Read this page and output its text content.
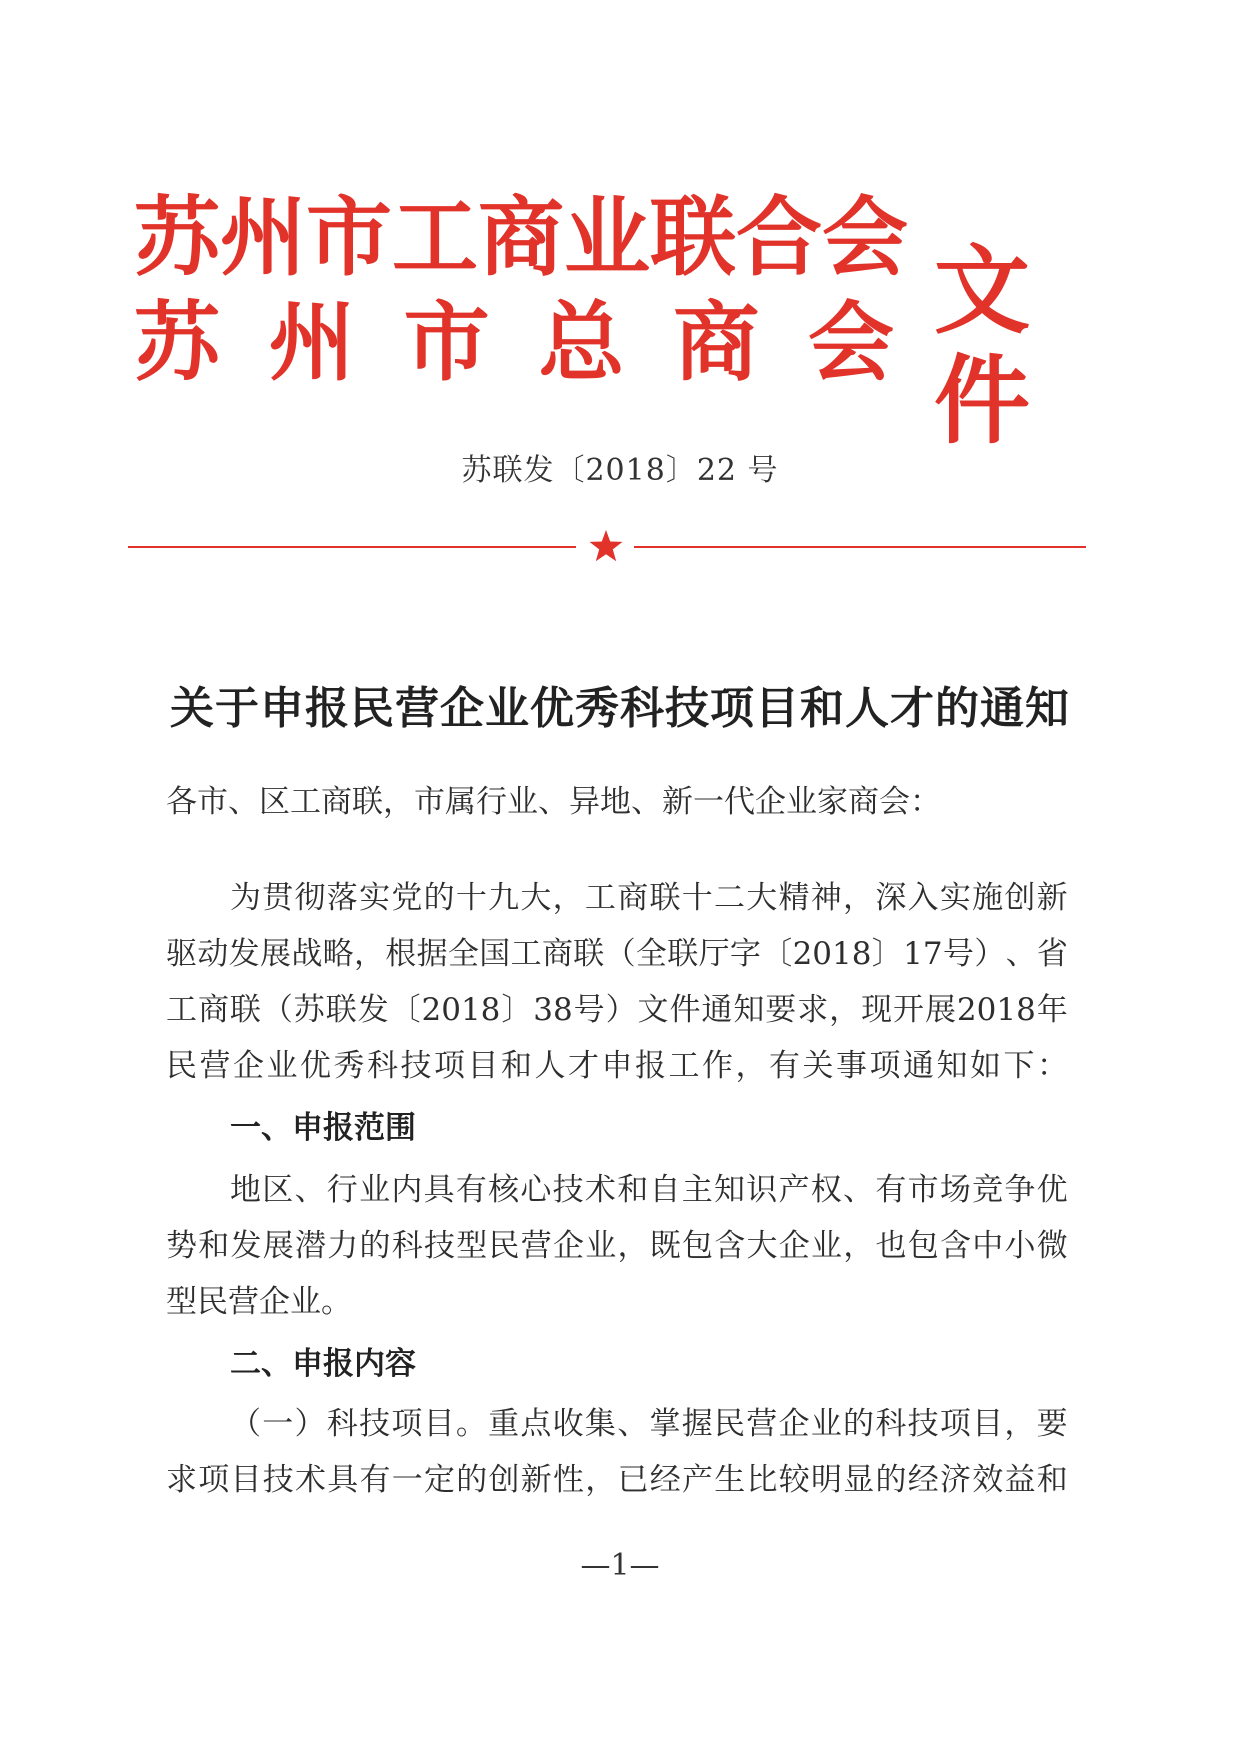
苏 州 市 工 商 业 联 合 会
苏 州 市 总 商 会 文件
苏联发〔2018〕22 号
关于申报民营企业优秀科技项目和人才的通知
各市、区工商联，市属行业、异地、新一代企业家商会：
为 贯 彻 落 实 党 的 十 九 大 ， 工 商 联 十 二 大 精 神 ， 深 入 实 施 创 新
驱 动 发 展 战 略 ， 根 据 全 国 工 商 联 （ 全 联 厅 字 〔 2018 〕 17 号 ） 、 省
工 商 联 （ 苏 联 发 〔 2018 〕 38 号 ） 文 件 通 知 要 求 ， 现 开 展 2018 年
民 营 企 业 优 秀 科 技 项 目 和 人 才 申 报 工 作 ， 有 关 事 项 通 知 如 下 ：
一、申报范围
地 区 、 行 业 内 具 有 核 心 技 术 和 自 主 知 识 产 权 、 有 市 场 竞 争 优
势 和 发 展 潜 力 的 科 技 型 民 营 企 业 ， 既 包 含 大 企 业 ， 也 包 含 中 小 微
型民营企业。
二、申报内容
（ 一 ） 科 技 项 目 。 重 点 收 集 、 掌 握 民 营 企 业 的 科 技 项 目 ， 要
求 项 目 技 术 具 有 一 定 的 创 新 性 ， 已 经 产 生 比 较 明 显 的 经 济 效 益 和
—1—
